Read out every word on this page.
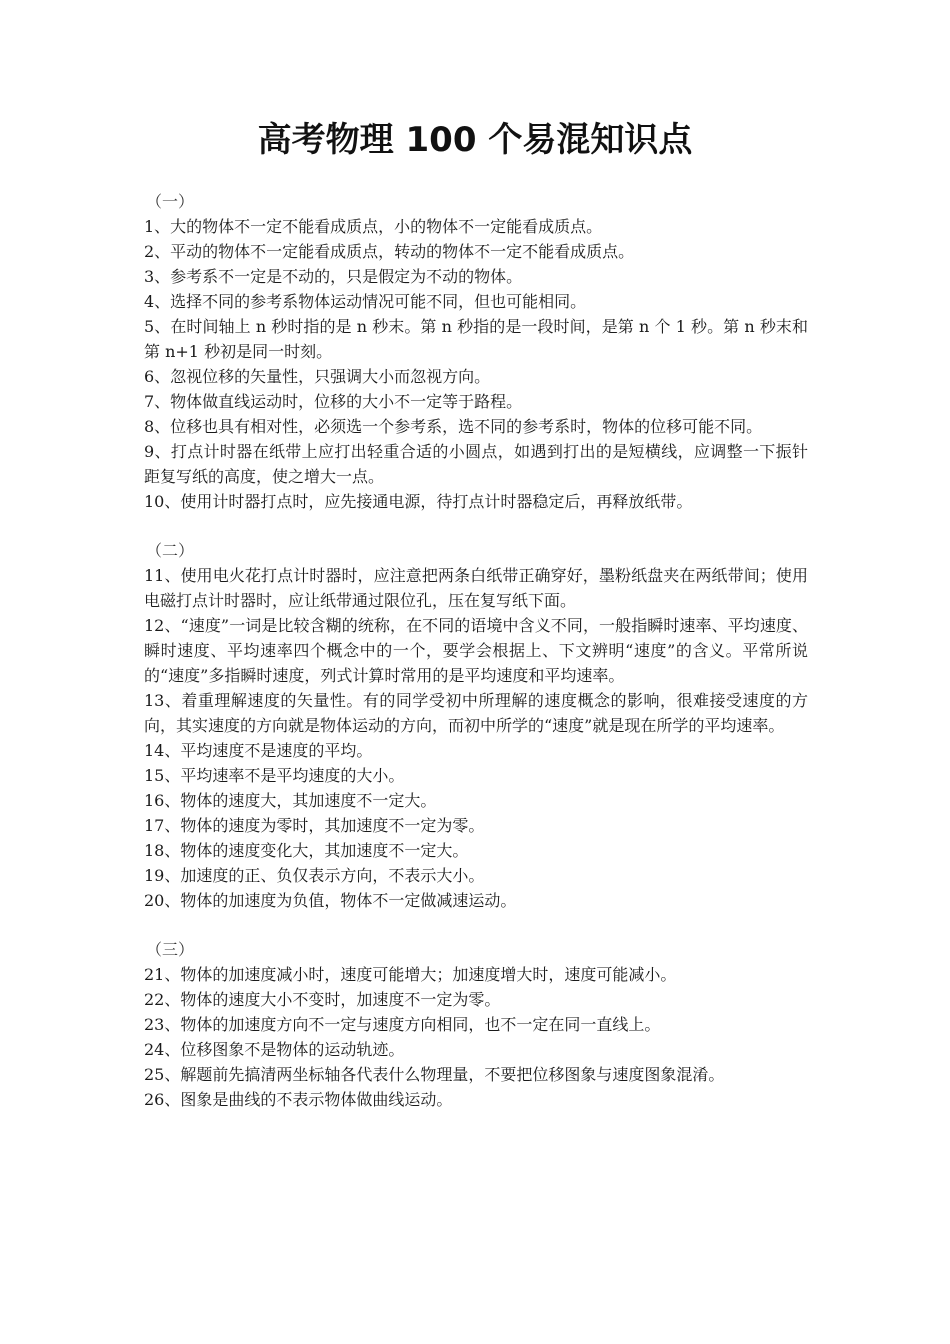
高考物理 100 个易混知识点

（一）

1、大的物体不一定不能看成质点，小的物体不一定能看成质点。

2、平动的物体不一定能看成质点，转动的物体不一定不能看成质点。

3、参考系不一定是不动的，只是假定为不动的物体。

4、选择不同的参考系物体运动情况可能不同，但也可能相同。

5、在时间轴上 n 秒时指的是 n 秒末。第 n 秒指的是一段时间，是第 n 个 1 秒。第 n 秒末和第 n+1 秒初是同一时刻。

6、忽视位移的矢量性，只强调大小而忽视方向。

7、物体做直线运动时，位移的大小不一定等于路程。

8、位移也具有相对性，必须选一个参考系，选不同的参考系时，物体的位移可能不同。

9、打点计时器在纸带上应打出轻重合适的小圆点，如遇到打出的是短横线，应调整一下振针距复写纸的高度，使之增大一点。

10、使用计时器打点时，应先接通电源，待打点计时器稳定后，再释放纸带。

（二）

11、使用电火花打点计时器时，应注意把两条白纸带正确穿好，墨粉纸盘夹在两纸带间；使用电磁打点计时器时，应让纸带通过限位孔，压在复写纸下面。

12、“速度”一词是比较含糊的统称，在不同的语境中含义不同，一般指瞬时速率、平均速度、瞬时速度、平均速率四个概念中的一个，要学会根据上、下文辨明“速度”的含义。平常所说的“速度”多指瞬时速度，列式计算时常用的是平均速度和平均速率。

13、着重理解速度的矢量性。有的同学受初中所理解的速度概念的影响，很难接受速度的方向，其实速度的方向就是物体运动的方向，而初中所学的“速度”就是现在所学的平均速率。

14、平均速度不是速度的平均。

15、平均速率不是平均速度的大小。

16、物体的速度大，其加速度不一定大。

17、物体的速度为零时，其加速度不一定为零。

18、物体的速度变化大，其加速度不一定大。

19、加速度的正、负仅表示方向，不表示大小。

20、物体的加速度为负值，物体不一定做减速运动。

（三）

21、物体的加速度减小时，速度可能增大；加速度增大时，速度可能减小。

22、物体的速度大小不变时，加速度不一定为零。

23、物体的加速度方向不一定与速度方向相同，也不一定在同一直线上。

24、位移图象不是物体的运动轨迹。

25、解题前先搞清两坐标轴各代表什么物理量，不要把位移图象与速度图象混淆。

26、图象是曲线的不表示物体做曲线运动。
